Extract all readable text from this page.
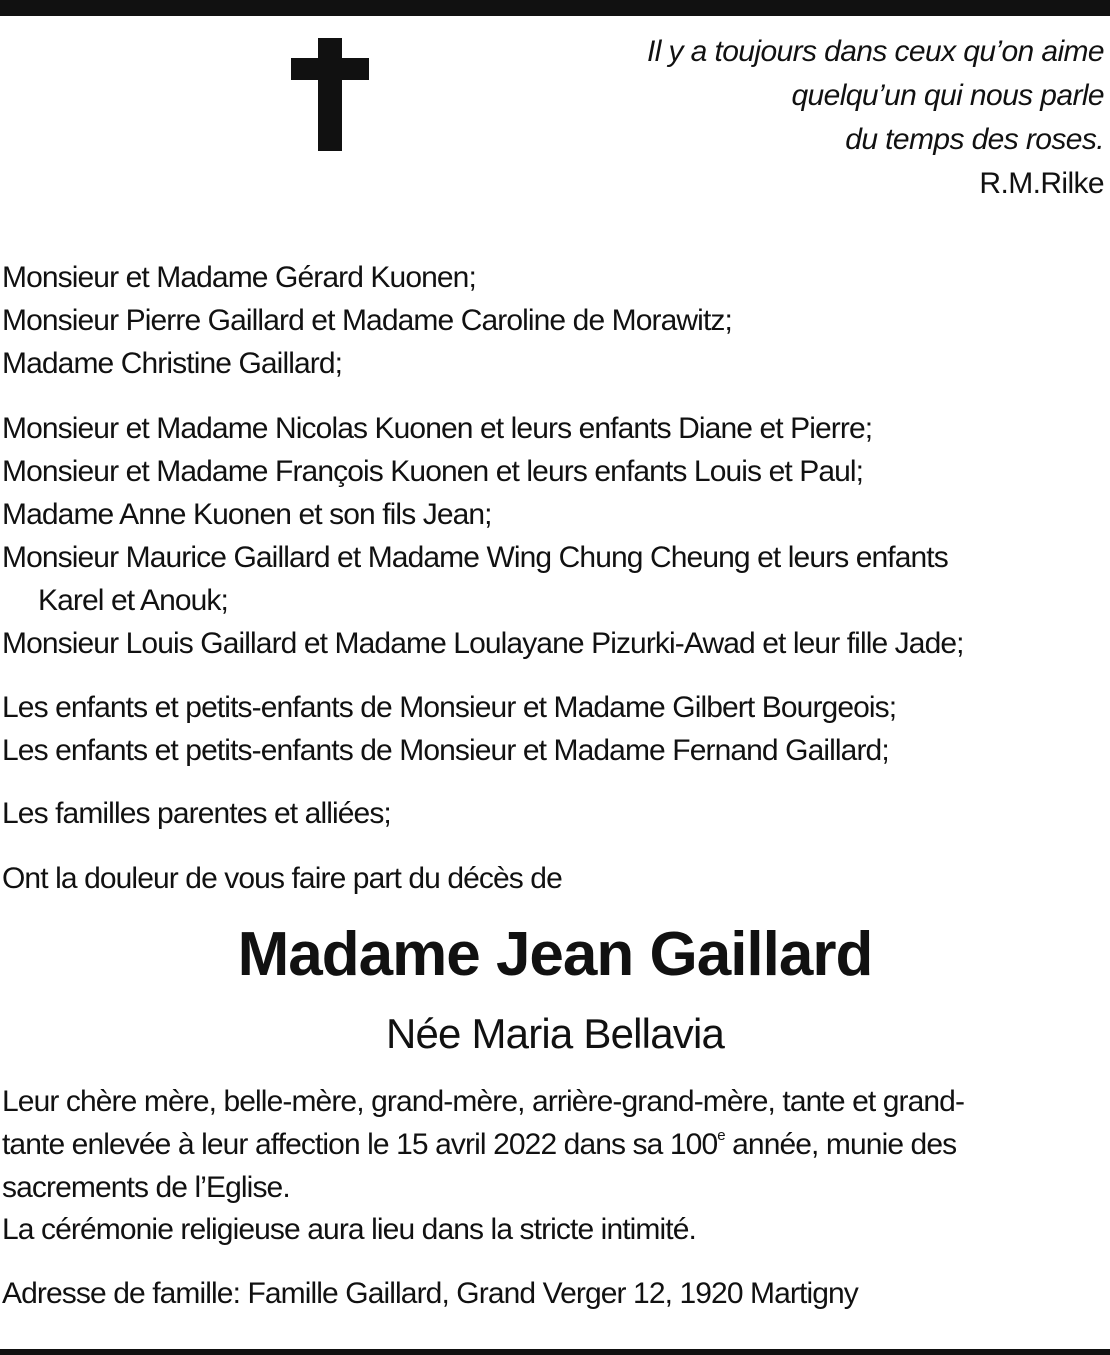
Il y a toujours dans ceux qu’on aime
quelqu’un qui nous parle
du temps des roses.
R.M.Rilke
Monsieur et Madame Gérard Kuonen;
Monsieur Pierre Gaillard et Madame Caroline de Morawitz;
Madame Christine Gaillard;
Monsieur et Madame Nicolas Kuonen et leurs enfants Diane et Pierre;
Monsieur et Madame François Kuonen et leurs enfants Louis et Paul;
Madame Anne Kuonen et son fils Jean;
Monsieur Maurice Gaillard et Madame Wing Chung Cheung et leurs enfants
Karel et Anouk;
Monsieur Louis Gaillard et Madame Loulayane Pizurki-Awad et leur fille Jade;
Les enfants et petits-enfants de Monsieur et Madame Gilbert Bourgeois;
Les enfants et petits-enfants de Monsieur et Madame Fernand Gaillard;
Les familles parentes et alliées;
Ont la douleur de vous faire part du décès de
Madame Jean Gaillard
Née Maria Bellavia
Leur chère mère, belle-mère, grand-mère, arrière-grand-mère, tante et grand-
tante enlevée à leur affection le 15 avril 2022 dans sa 100e année, munie des
sacrements de l’Eglise.
La cérémonie religieuse aura lieu dans la stricte intimité.
Adresse de famille: Famille Gaillard, Grand Verger 12, 1920 Martigny
